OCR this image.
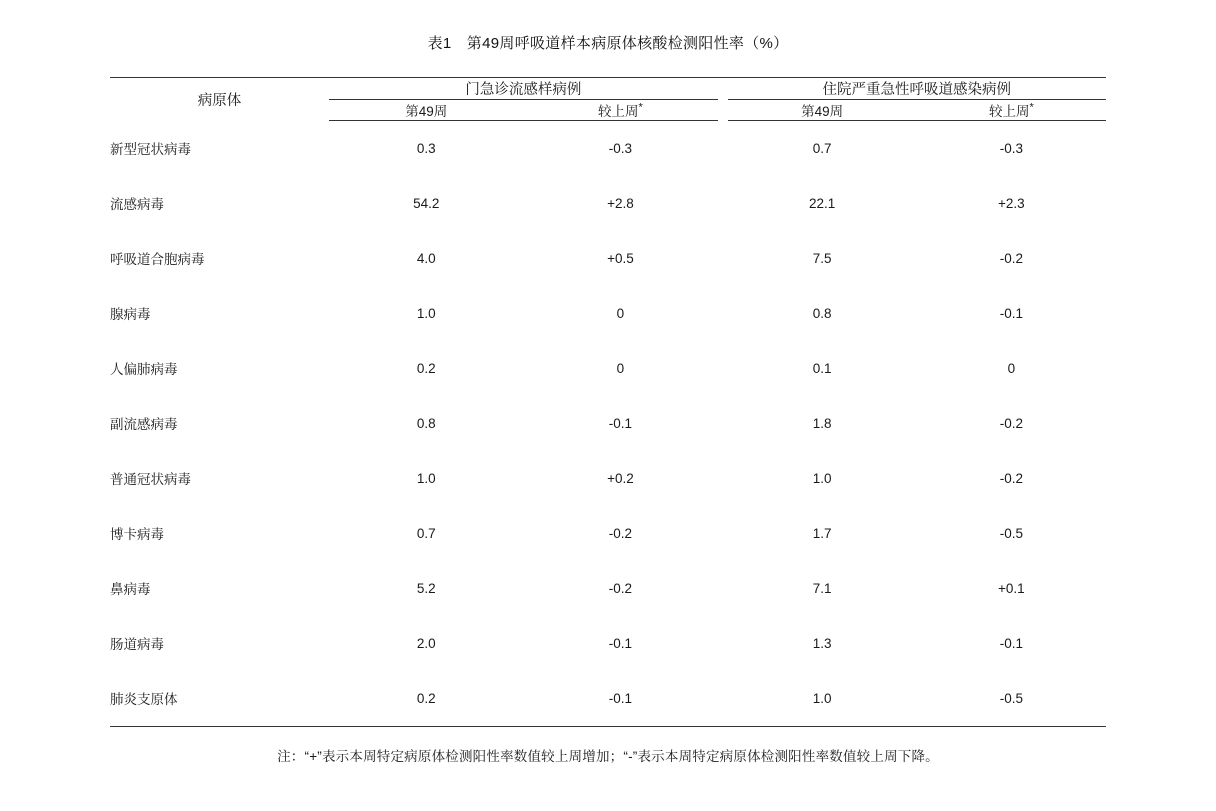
表1　第49周呼吸道样本病原体核酸检测阳性率（%）

病原体	门急诊流感样病例			住院严重急性呼吸道感染病例	
	第49周	较上周*		第49周	较上周*
新型冠状病毒	0.3	-0.3		0.7	-0.3
流感病毒	54.2	+2.8		22.1	+2.3
呼吸道合胞病毒	4.0	+0.5		7.5	-0.2
腺病毒	1.0	0		0.8	-0.1
人偏肺病毒	0.2	0		0.1	0
副流感病毒	0.8	-0.1		1.8	-0.2
普通冠状病毒	1.0	+0.2		1.0	-0.2
博卡病毒	0.7	-0.2		1.7	-0.5
鼻病毒	5.2	-0.2		7.1	+0.1
肠道病毒	2.0	-0.1		1.3	-0.1
肺炎支原体	0.2	-0.1		1.0	-0.5

注：“+”表示本周特定病原体检测阳性率数值较上周增加；“-”表示本周特定病原体检测阳性率数值较上周下降。
